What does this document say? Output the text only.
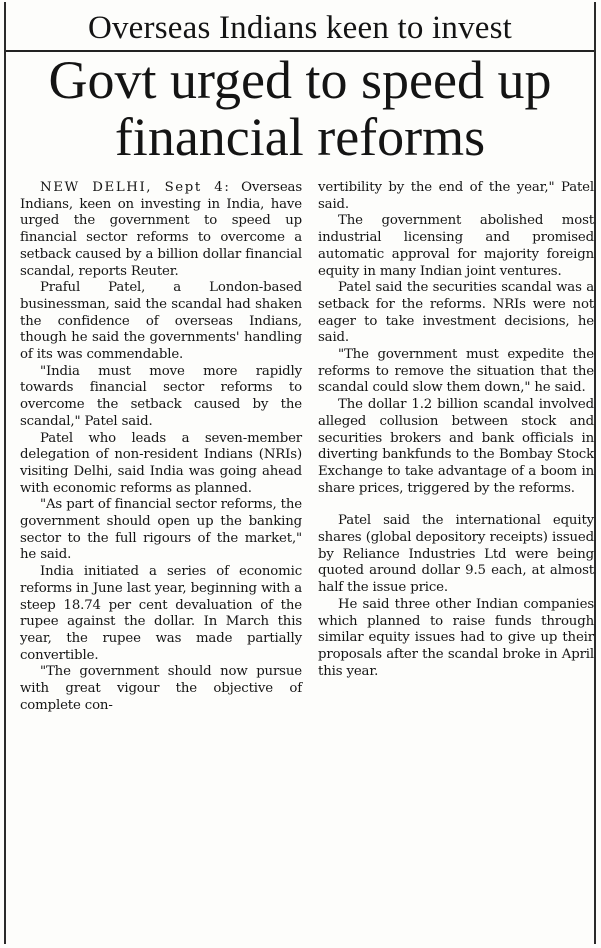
Overseas Indians keen to invest
Govt urged to speed up
financial reforms

NEW DELHI, Sept 4: Overseas Indians, keen on investing in India, have urged the government to speed up financial sector reforms to overcome a setback caused by a billion dollar financial scandal, reports Reuter.

Praful Patel, a London-based businessman, said the scandal had shaken the confidence of overseas Indians, though he said the governments' handling of its was commendable.

"India must move more rapidly towards financial sector reforms to overcome the setback caused by the scandal," Patel said.

Patel who leads a seven-member delegation of non-resident Indians (NRIs) visiting Delhi, said India was going ahead with economic reforms as planned.

"As part of financial sector reforms, the government should open up the banking sector to the full rigours of the market," he said.

India initiated a series of economic reforms in June last year, beginning with a steep 18.74 per cent devaluation of the rupee against the dollar. In March this year, the rupee was made partially convertible.

"The government should now pursue with great vigour the objective of complete con-

vertibility by the end of the year," Patel said.

The government abolished most industrial licensing and promised automatic approval for majority foreign equity in many Indian joint ventures.

Patel said the securities scandal was a setback for the reforms. NRIs were not eager to take investment decisions, he said.

"The government must expedite the reforms to remove the situation that the scandal could slow them down," he said.

The dollar 1.2 billion scandal involved alleged collusion between stock and securities brokers and bank officials in diverting bankfunds to the Bombay Stock Exchange to take advantage of a boom in share prices, triggered by the reforms.

Patel said the international equity shares (global depository receipts) issued by Reliance Industries Ltd were being quoted around dollar 9.5 each, at almost half the issue price.

He said three other Indian companies which planned to raise funds through similar equity issues had to give up their proposals after the scandal broke in April this year.
